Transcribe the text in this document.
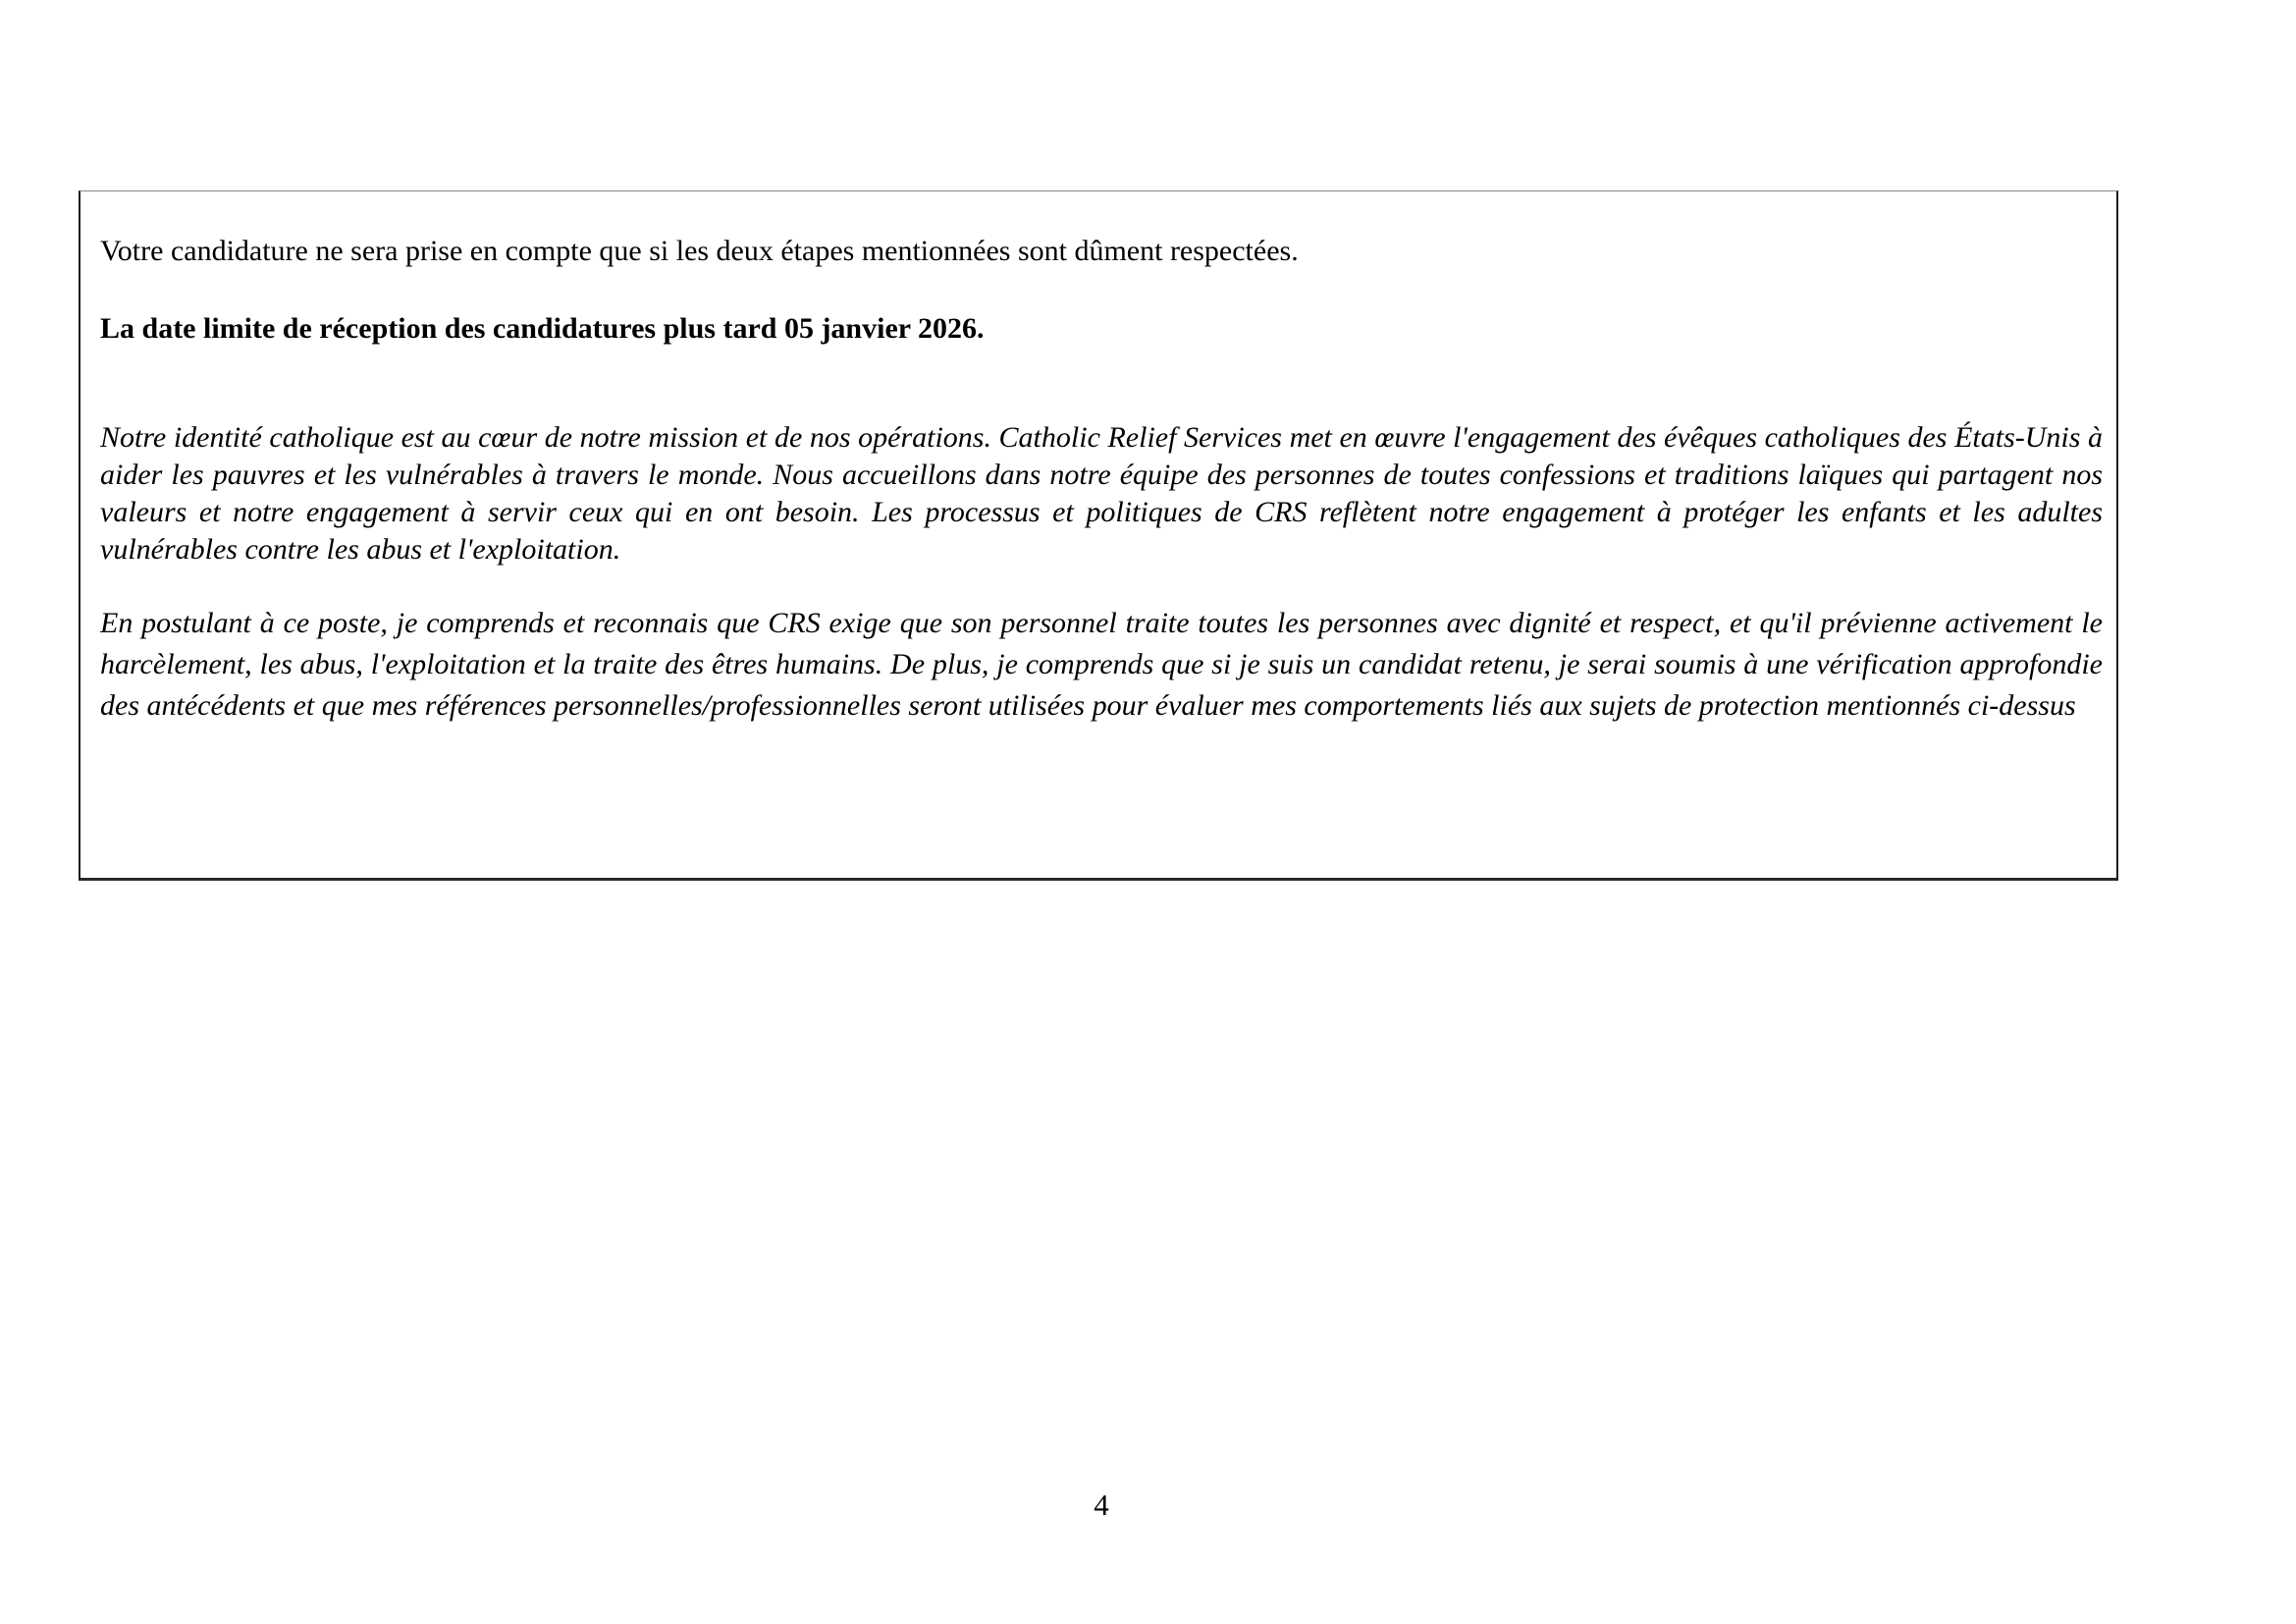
Votre candidature ne sera prise en compte que si les deux étapes mentionnées sont dûment respectées.

La date limite de réception des candidatures plus tard 05 janvier 2026.

Notre identité catholique est au cœur de notre mission et de nos opérations. Catholic Relief Services met en œuvre l'engagement des évêques catholiques des États-Unis à aider les pauvres et les vulnérables à travers le monde. Nous accueillons dans notre équipe des personnes de toutes confessions et traditions laïques qui partagent nos valeurs et notre engagement à servir ceux qui en ont besoin. Les processus et politiques de CRS reflètent notre engagement à protéger les enfants et les adultes vulnérables contre les abus et l'exploitation.

En postulant à ce poste, je comprends et reconnais que CRS exige que son personnel traite toutes les personnes avec dignité et respect, et qu'il prévienne activement le harcèlement, les abus, l'exploitation et la traite des êtres humains. De plus, je comprends que si je suis un candidat retenu, je serai soumis à une vérification approfondie des antécédents et que mes références personnelles/professionnelles seront utilisées pour évaluer mes comportements liés aux sujets de protection mentionnés ci-dessus

4
